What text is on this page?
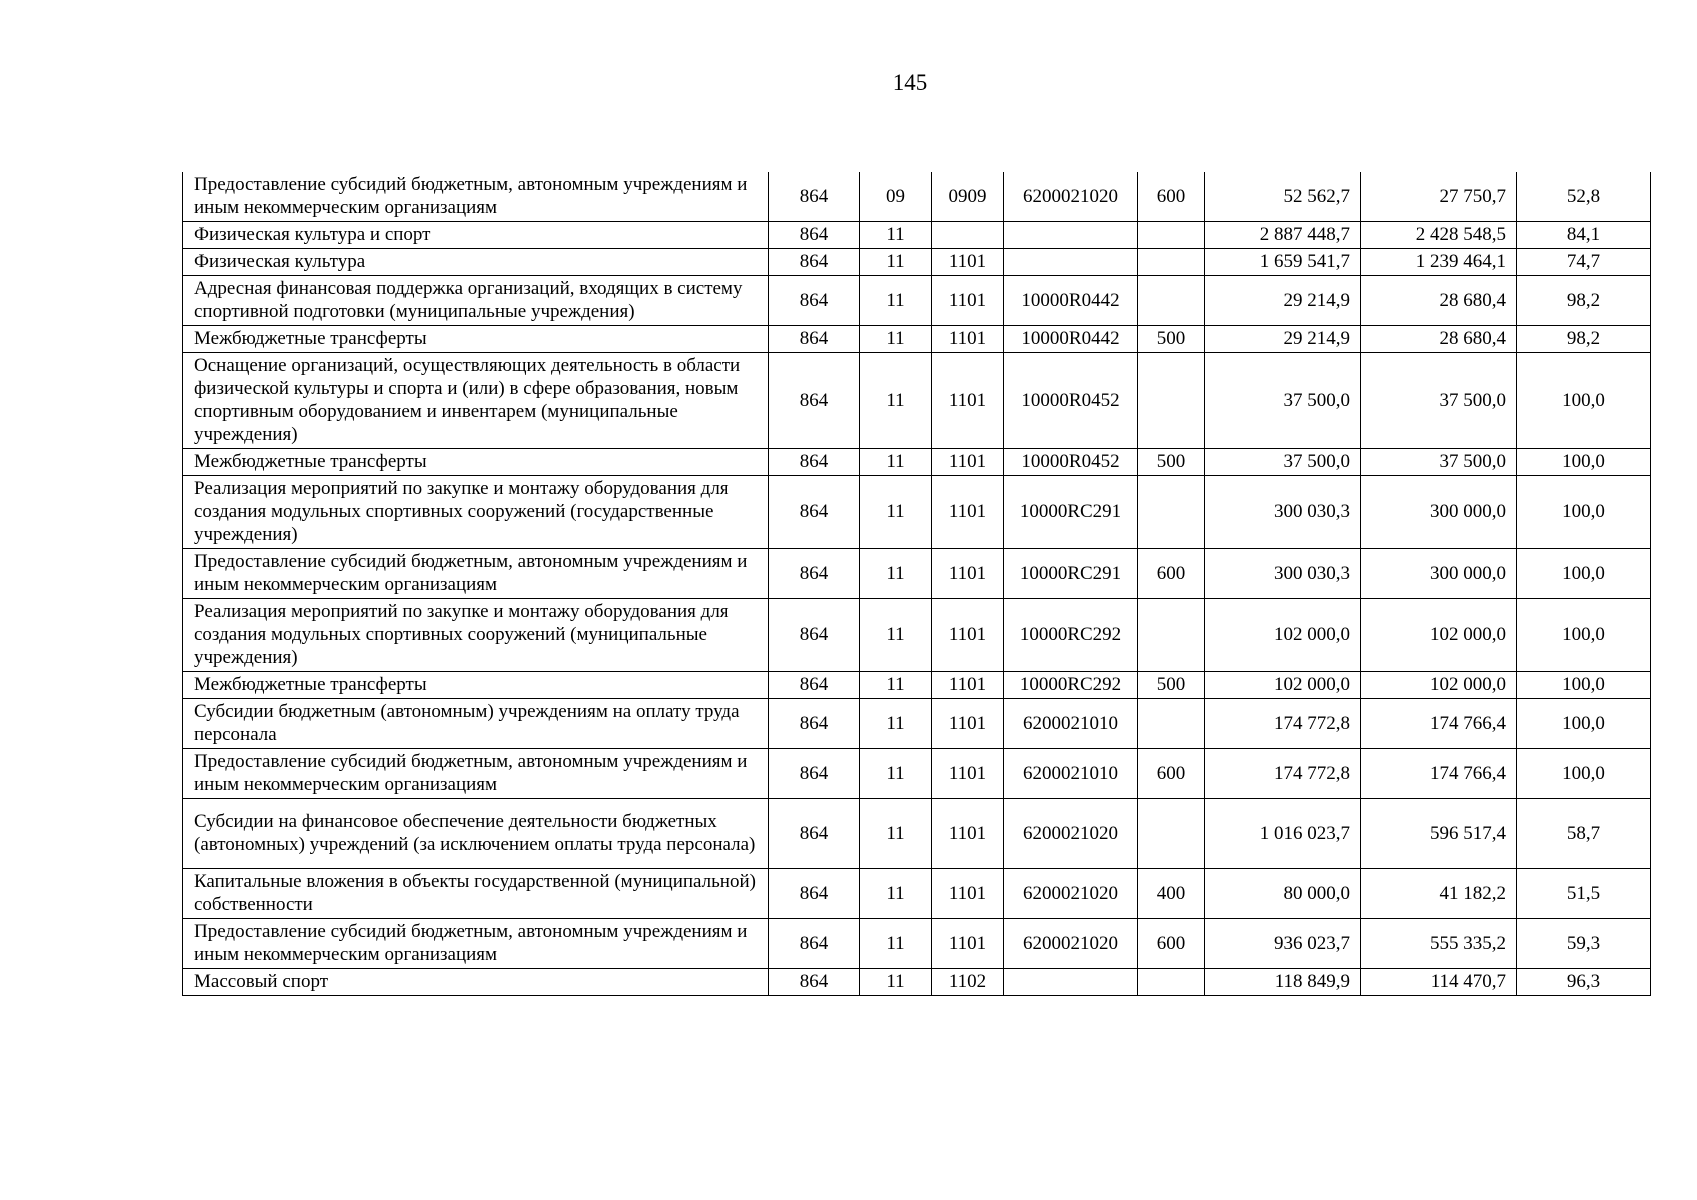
145
Предоставление субсидий бюджетным, автономным учреждениям и иным некоммерческим организациям	864	09	0909	6200021020	600	52 562,7	27 750,7	52,8
Физическая культура и спорт	864	11				2 887 448,7	2 428 548,5	84,1
Физическая культура	864	11	1101			1 659 541,7	1 239 464,1	74,7
Адресная финансовая поддержка организаций, входящих в систему спортивной подготовки (муниципальные учреждения)	864	11	1101	10000R0442		29 214,9	28 680,4	98,2
Межбюджетные трансферты	864	11	1101	10000R0442	500	29 214,9	28 680,4	98,2
Оснащение организаций, осуществляющих деятельность в области физической культуры и спорта и (или) в сфере образования, новым спортивным оборудованием и инвентарем (муниципальные учреждения)	864	11	1101	10000R0452		37 500,0	37 500,0	100,0
Межбюджетные трансферты	864	11	1101	10000R0452	500	37 500,0	37 500,0	100,0
Реализация мероприятий по закупке и монтажу оборудования для создания модульных спортивных сооружений (государственные учреждения)	864	11	1101	10000RC291		300 030,3	300 000,0	100,0
Предоставление субсидий бюджетным, автономным учреждениям и иным некоммерческим организациям	864	11	1101	10000RC291	600	300 030,3	300 000,0	100,0
Реализация мероприятий по закупке и монтажу оборудования для создания модульных спортивных сооружений (муниципальные учреждения)	864	11	1101	10000RC292		102 000,0	102 000,0	100,0
Межбюджетные трансферты	864	11	1101	10000RC292	500	102 000,0	102 000,0	100,0
Субсидии бюджетным (автономным) учреждениям на оплату труда персонала	864	11	1101	6200021010		174 772,8	174 766,4	100,0
Предоставление субсидий бюджетным, автономным учреждениям и иным некоммерческим организациям	864	11	1101	6200021010	600	174 772,8	174 766,4	100,0
Субсидии на финансовое обеспечение деятельности бюджетных (автономных) учреждений (за исключением оплаты труда персонала)	864	11	1101	6200021020		1 016 023,7	596 517,4	58,7
Капитальные вложения в объекты государственной (муниципальной) собственности	864	11	1101	6200021020	400	80 000,0	41 182,2	51,5
Предоставление субсидий бюджетным, автономным учреждениям и иным некоммерческим организациям	864	11	1101	6200021020	600	936 023,7	555 335,2	59,3
Массовый спорт	864	11	1102			118 849,9	114 470,7	96,3
